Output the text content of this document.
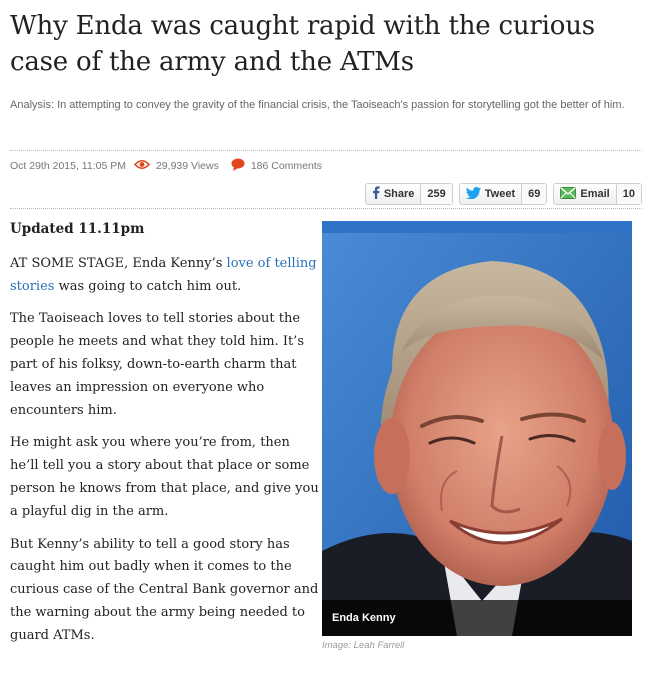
Why Enda was caught rapid with the curious case of the army and the ATMs
Analysis: In attempting to convey the gravity of the financial crisis, the Taoiseach's passion for storytelling got the better of him.
Oct 29th 2015, 11:05 PM	29,939 Views	186 Comments
Share	259	Tweet	69	Email	10
Updated 11.11pm

AT SOME STAGE, Enda Kenny’s love of telling stories was going to catch him out.

The Taoiseach loves to tell stories about the people he meets and what they told him. It’s part of his folksy, down-to-earth charm that leaves an impression on everyone who encounters him.

He might ask you where you’re from, then he’ll tell you a story about that place or some person he knows from that place, and give you a playful dig in the arm.

But Kenny’s ability to tell a good story has caught him out badly when it comes to the curious case of the Central Bank governor and the warning about the army being needed to guard ATMs.

Enda Kenny
Image: Leah Farrell
